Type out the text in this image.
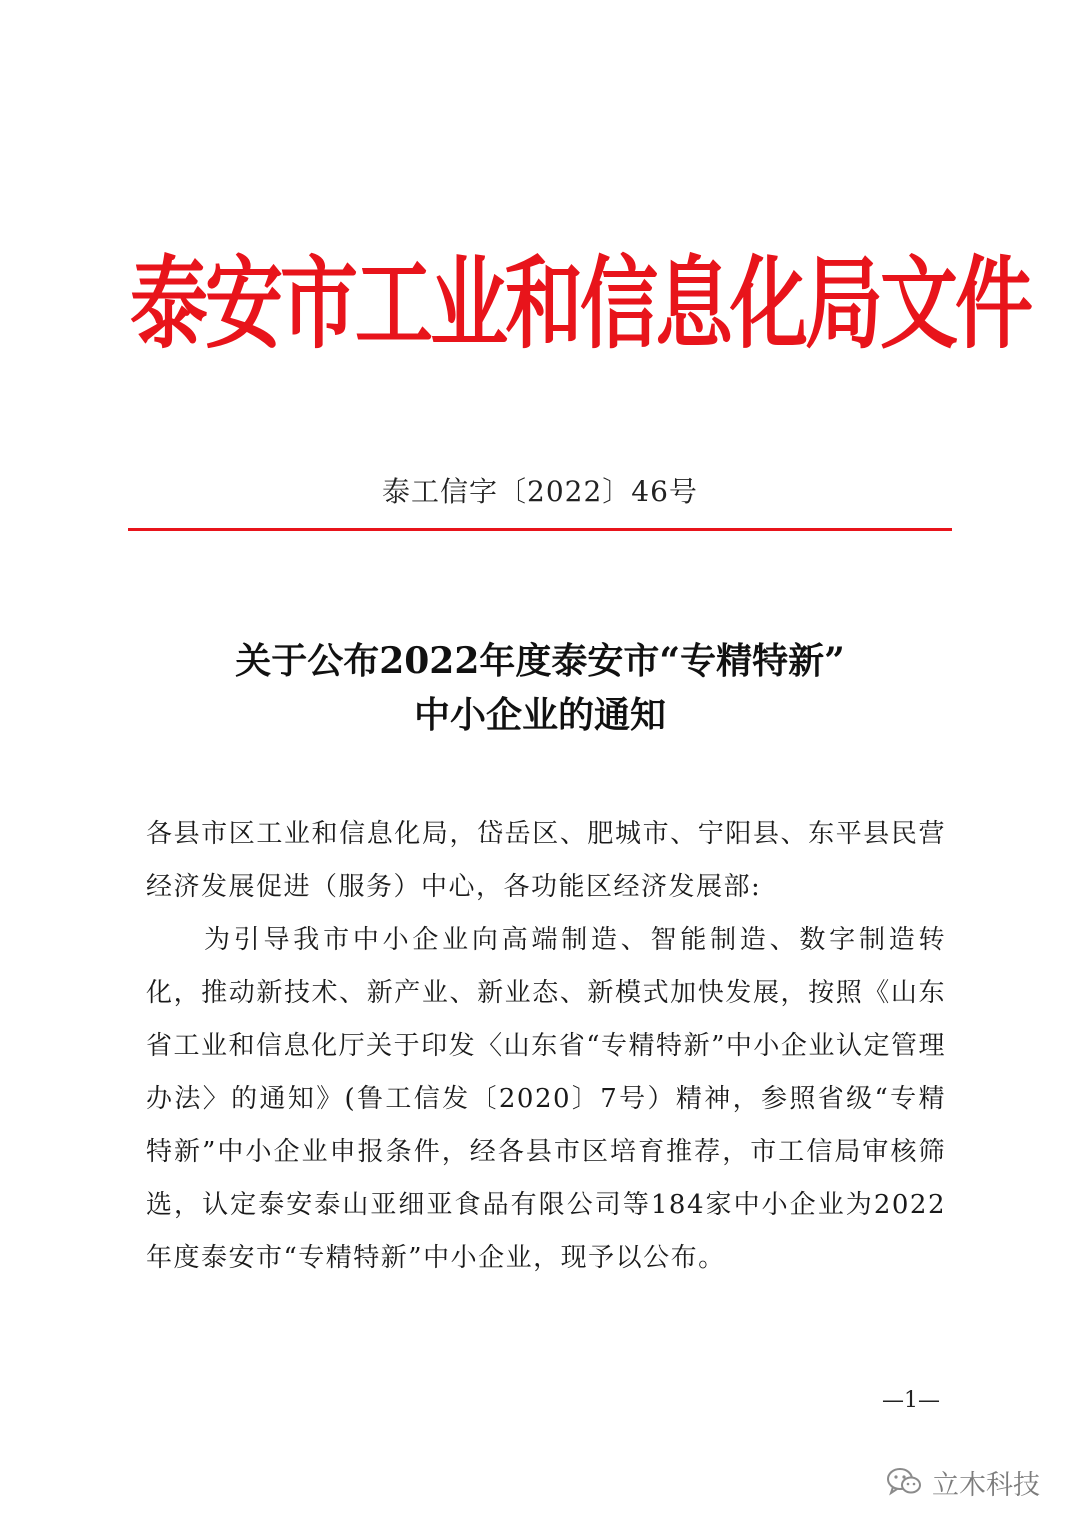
泰安市工业和信息化局文件
泰工信字〔2022〕46号
关于公布2022年度泰安市“专精特新”
中小企业的通知

各县市区工业和信息化局，岱岳区、肥城市、宁阳县、东平县民营经济发展促进（服务）中心，各功能区经济发展部:

为引导我市中小企业向高端制造、智能制造、数字制造转化，推动新技术、新产业、新业态、新模式加快发展，按照《山东省工业和信息化厅关于印发〈山东省“专精特新”中小企业认定管理办法〉的通知》(鲁工信发〔2020〕7号）精神，参照省级“专精特新”中小企业申报条件，经各县市区培育推荐，市工信局审核筛选，认定泰安泰山亚细亚食品有限公司等184家中小企业为2022年度泰安市“专精特新”中小企业，现予以公布。

—1—
立木科技
